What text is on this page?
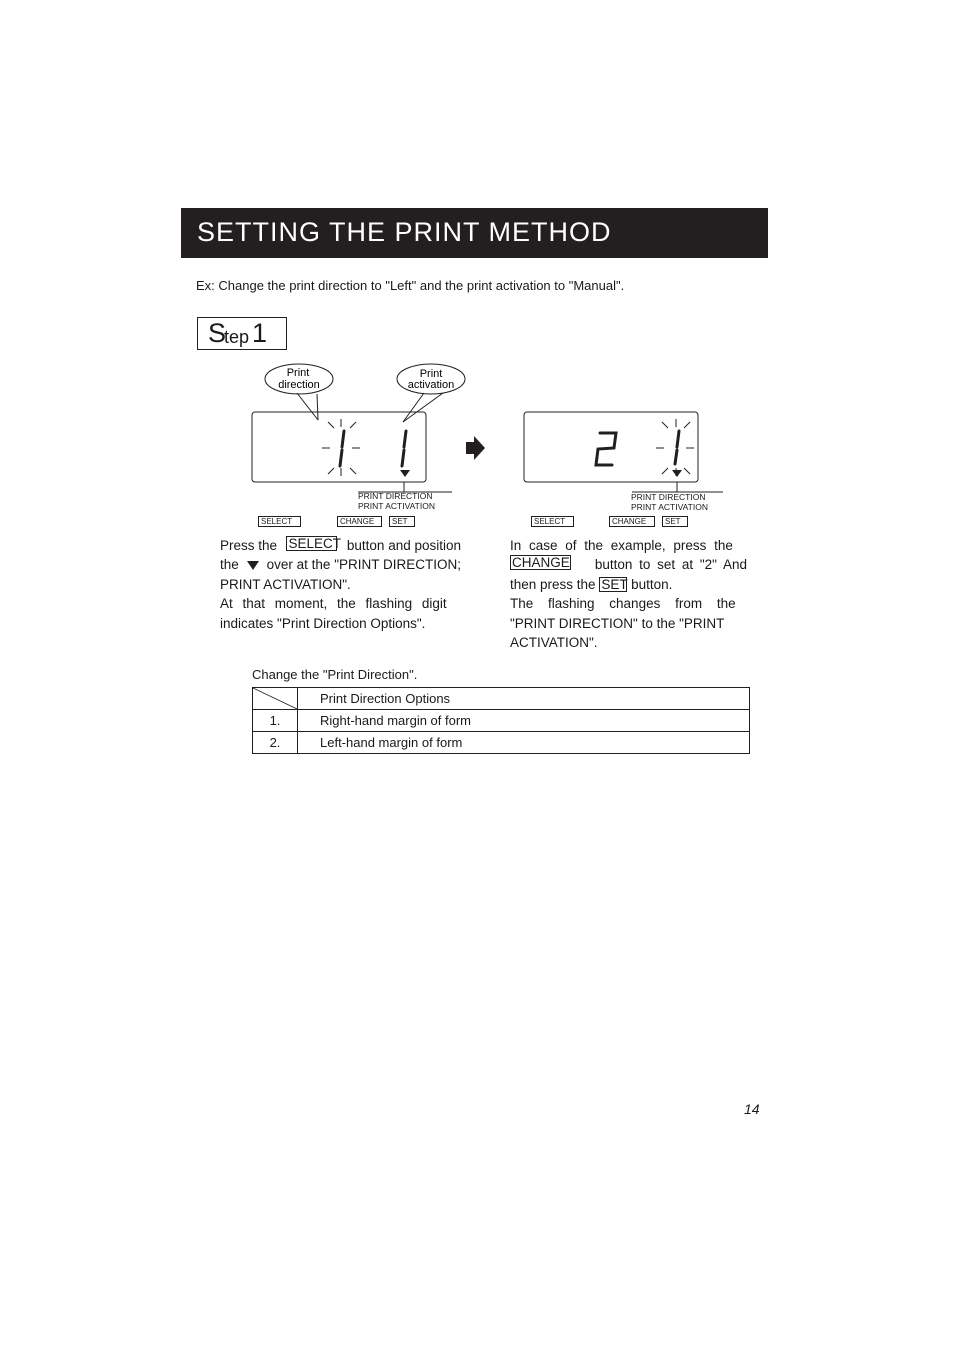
SETTING THE PRINT METHOD
Ex: Change the print direction to "Left" and the print activation to "Manual".
S
tep 1
Print
direction
Print
activation
PRINT DIRECTION
PRINT ACTIVATION
PRINT DIRECTION
PRINT ACTIVATION
SELECT	CHANGE	SET	SELECT	CHANGE	SET
Press the SELECT button and position
the over at the "PRINT DIRECTION;
PRINT ACTIVATION".
At that moment, the flashing digit
indicates "Print Direction Options".
In case of the example, press the
CHANGE button to set at "2" And
then press the SET button.
The flashing changes from the
"PRINT DIRECTION" to the "PRINT
ACTIVATION".
Change the "Print Direction".
	Print Direction Options
1.	Right-hand margin of form
2.	Left-hand margin of form
14
